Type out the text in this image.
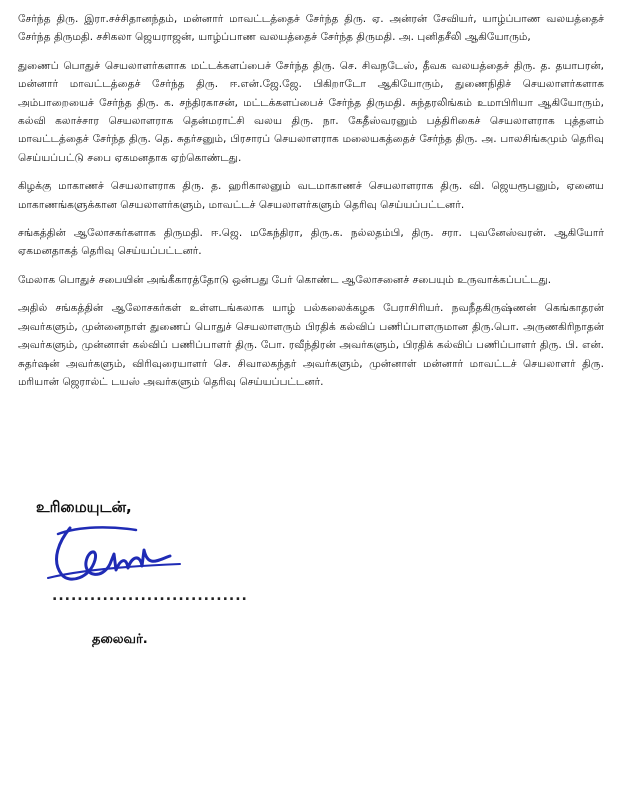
சேர்ந்த திரு. இரா.சச்சிதானந்தம், மன்னார் மாவட்டத்தைச் சேர்ந்த திரு. ஏ. அன்ரன் சேவியர், யாழ்ப்பாண வலயத்தைச் சேர்ந்த திருமதி. சசிகலா ஜெயராஜன், யாழ்ப்பாண வலயத்தைச் சேர்ந்த திருமதி. அ. புனிதசீலி ஆகியோரும்,

துணைப் பொதுச் செயலாளர்களாக மட்டக்களப்பைச் சேர்ந்த திரு. செ. சிவநடேஸ், தீவக வலயத்தைச் திரு. த. தயாபரன், மன்னார் மாவட்டத்தைச் சேர்ந்த திரு. ஈ.என்.ஜே.ஜே. பிகிறாடோ ஆகியோரும், துணைநிதிச் செயலாளர்களாக அம்பாறையைச் சேர்ந்த திரு. க. சந்திரகாசன், மட்டக்களப்பைச் சேர்ந்த திருமதி. சுந்தரலிங்கம் உமாபிரியா ஆகியோரும், கல்வி கலாச்சார செயலாளராக தென்மராட்சி வலய திரு. நா. கேதீஸ்வரனும் பத்திரிகைச் செயலாளராக புத்தளம் மாவட்டத்தைச் சேர்ந்த திரு. தெ. சுதர்சனும், பிரசாரப் செயலாளராக மலையகத்தைச் சேர்ந்த திரு. அ. பாலசிங்கமும் தெரிவு செய்யப்பட்டு சபை ஏகமனதாக ஏற்கொண்டது.

கிழக்கு மாகாணச் செயலாளராக திரு. த. ஹரிகாலனும் வடமாகாணச் செயலாளராக திரு. வி. ஜெயரூபனும், ஏனைய மாகாணங்களுக்கான செயலாளர்களும், மாவட்டச் செயலாளர்களும் தெரிவு செய்யப்பட்டனர்.

சங்கத்தின் ஆலோசகர்களாக திருமதி. ஈ.ஜெ. மகேந்திரா, திரு.க. நல்லதம்பி, திரு. சரா. புவனேஸ்வரன். ஆகியோர் ஏகமனதாகத் தெரிவு செய்யப்பட்டனர்.

மேலாக பொதுச் சபையின் அங்கீகாரத்தோடு ஒன்பது பேர் கொண்ட ஆலோசனைச் சபையும் உருவாக்கப்பட்டது.

அதில் சங்கத்தின் ஆலோசகர்கள் உள்ளடங்கலாக யாழ் பல்கலைக்கழக பேராசிரியர். நவநீதகிருஷ்ணன் கெங்காதரன் அவர்களும், முன்னைநாள் துணைப் பொதுச் செயலாளரும் பிரதிக் கல்விப் பணிப்பாளருமான திரு.பொ. அருணகிரிநாதன் அவர்களும், முன்னாள் கல்விப் பணிப்பாளர் திரு. போ. ரவீந்திரன் அவர்களும், பிரதிக் கல்விப் பணிப்பாளர் திரு. பி. என். சுதர்ஷன் அவர்களும், விரிவுரையாளர் செ. சிவாலகந்தர் அவர்களும், முன்னாள் மன்னார் மாவட்டச் செயலாளர் திரு. மரியான் ஜெரால்ட் டயஸ் அவர்களும் தெரிவு செய்யப்பட்டனர்.

உரிமையுடன்,
...............................
தலைவர்.
